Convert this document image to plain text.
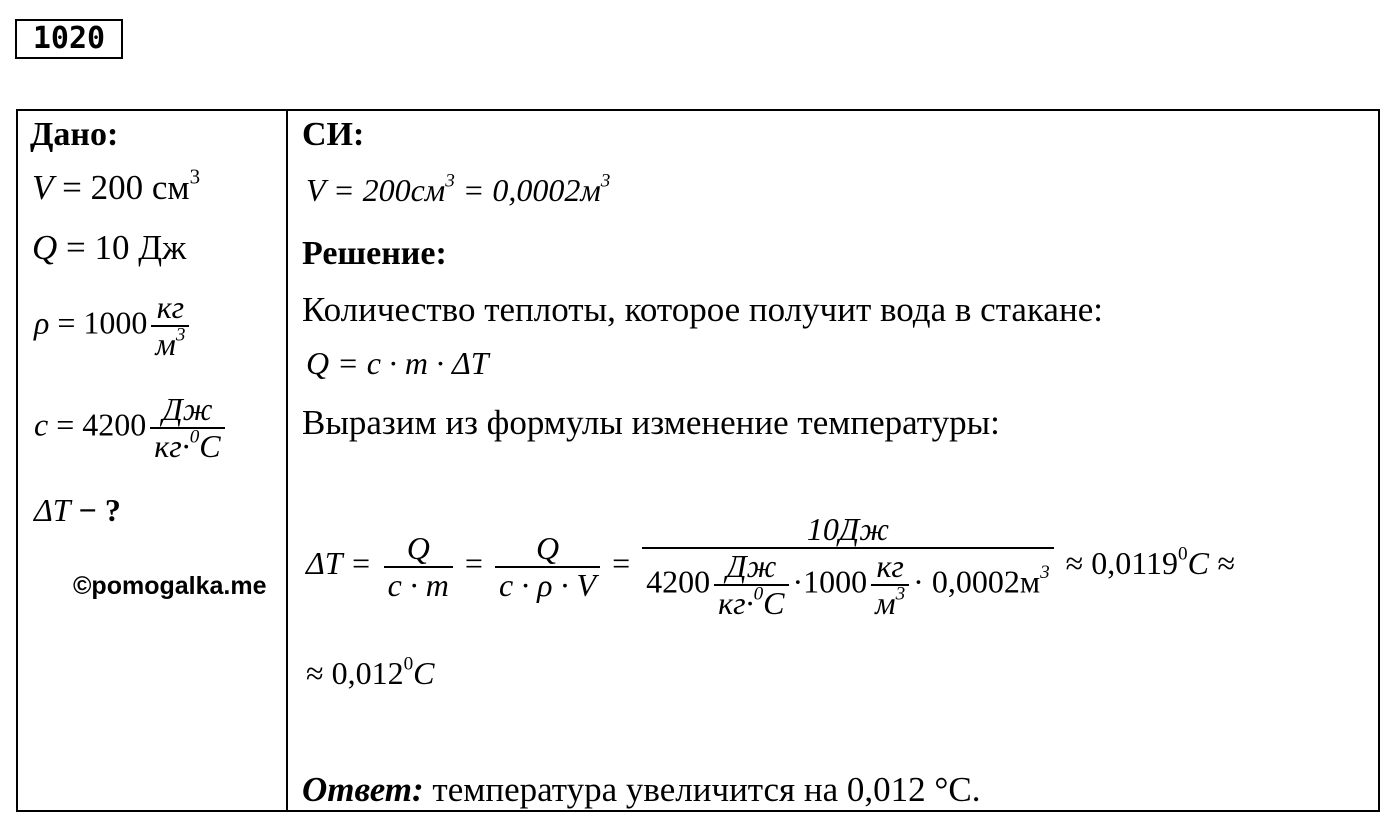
1020
Дано:
V = 200 $см^3$
Q = 10 Дж
$\rho = 1000 \frac{кг}{м^3}$
$c = 4200 \frac{Дж}{кг\cdot^0C}$
ΔT − ?
©pomogalka.me
СИ:
$V = 200см^3 = 0,0002м^3$
Решение:
Количество теплоты, которое получит вода в стакане:
Q = c · m · ΔT
Выразим из формулы изменение температуры:
$\Delta T = \frac{Q}{c \cdot m} = \frac{Q}{c \cdot \rho \cdot V} = \frac{10Дж}{4200 \frac{Дж}{кг\cdot^0C} \cdot 1000 \frac{кг}{м^3} \cdot 0,0002м^3} \approx 0,0119^0C$ ≈
≈ $0,012^0C$
Ответ: температура увеличится на 0,012 °C.
